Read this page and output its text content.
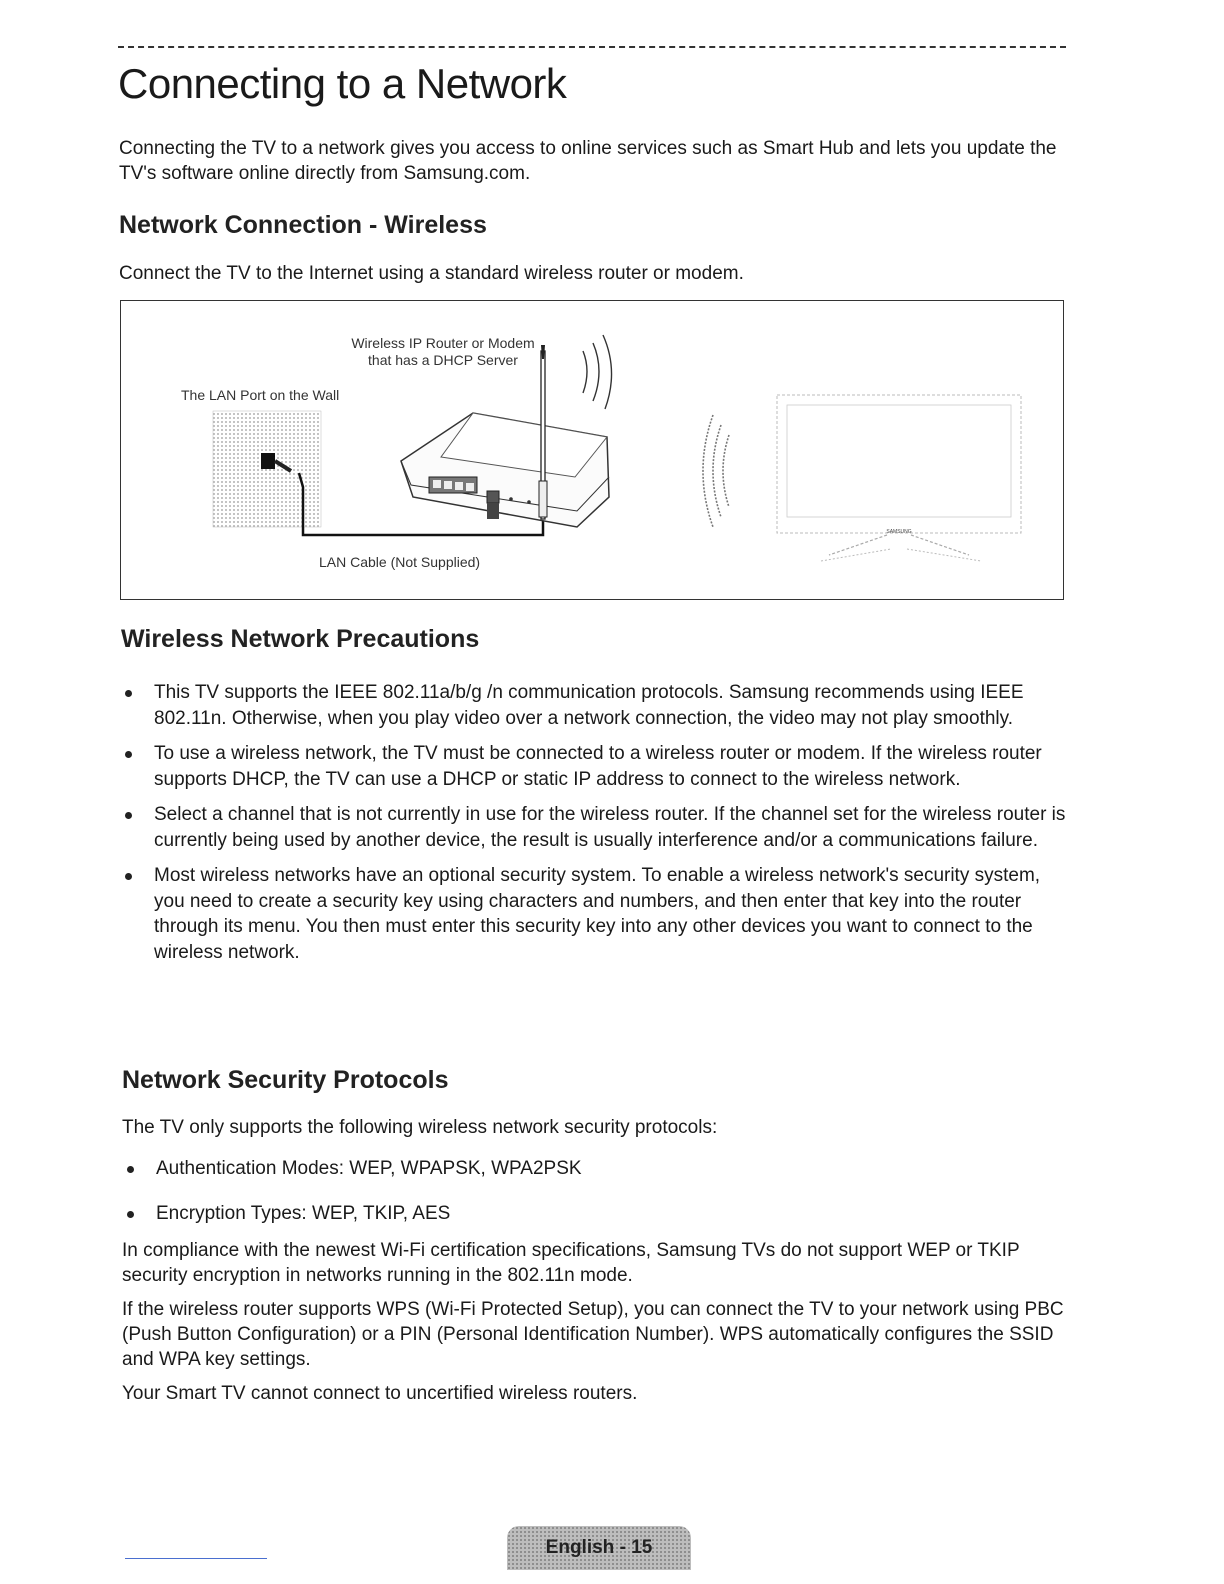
Connecting to a Network

Connecting the TV to a network gives you access to online services such as Smart Hub and lets you update the TV's software online directly from Samsung.com.

Network Connection - Wireless

Connect the TV to the Internet using a standard wireless router or modem.

Wireless IP Router or Modem
that has a DHCP Server
The LAN Port on the Wall
LAN Cable (Not Supplied)
SAMSUNG
Wireless Network Precautions
This TV supports the IEEE 802.11a/b/g /n communication protocols. Samsung recommends using IEEE 802.11n. Otherwise, when you play video over a network connection, the video may not play smoothly.
To use a wireless network, the TV must be connected to a wireless router or modem. If the wireless router supports DHCP, the TV can use a DHCP or static IP address to connect to the wireless network.
Select a channel that is not currently in use for the wireless router. If the channel set for the wireless router is currently being used by another device, the result is usually interference and/or a communications failure.
Most wireless networks have an optional security system. To enable a wireless network's security system, you need to create a security key using characters and numbers, and then enter that key into the router through its menu. You then must enter this security key into any other devices you want to connect to the wireless network.
Network Security Protocols

The TV only supports the following wireless network security protocols:

Authentication Modes: WEP, WPAPSK, WPA2PSK
Encryption Types: WEP, TKIP, AES

In compliance with the newest Wi-Fi certification specifications, Samsung TVs do not support WEP or TKIP security encryption in networks running in the 802.11n mode.

If the wireless router supports WPS (Wi-Fi Protected Setup), you can connect the TV to your network using PBC (Push Button Configuration) or a PIN (Personal Identification Number). WPS automatically configures the SSID and WPA key settings.

Your Smart TV cannot connect to uncertified wireless routers.

English - 15
